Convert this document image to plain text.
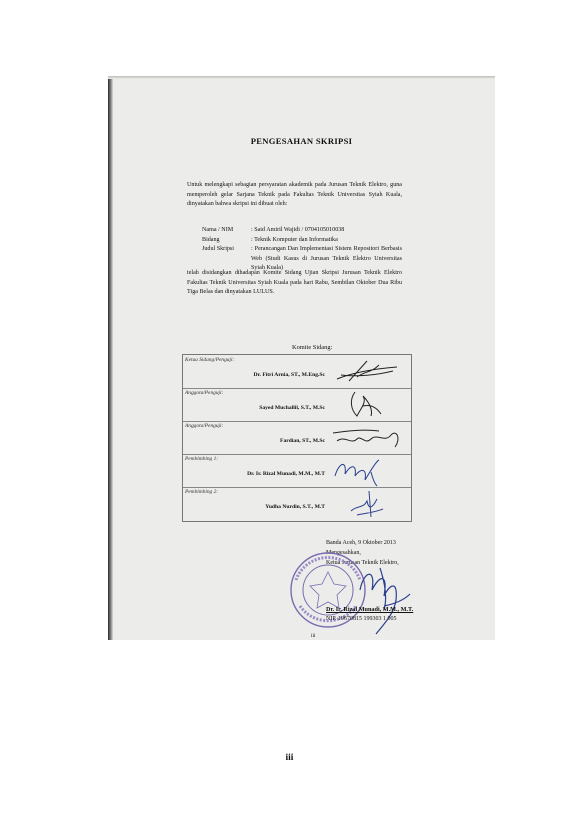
PENGESAHAN SKRIPSI
Untuk melengkapi sebagian persyaratan akademik pada Jurusan Teknik Elektro, guna memperoleh gelar Sarjana Teknik pada Fakultas Teknik Universitas Syiah Kuala, dinyatakan bahwa skripsi ini dibuat oleh:
Nama / NIM	: Said Amiril Wajidi / 0704105010038
Bidang	: Teknik Komputer dan Informatika
Judul Skripsi	: Perancangan Dan Implementasi Sistem Repositori Berbasis Web (Studi Kasus di Jurusan Teknik Elektro Universitas Syiah Kuala)
telah disidangkan dihadapan Komite Sidang Ujian Skripsi Jurusan Teknik Elektro Fakultas Teknik Universitas Syiah Kuala pada hari Rabu, Sembilan Oktober Dua Ribu Tiga Belas dan dinyatakan LULUS.
Komite Sidang:
Ketua Sidang/Penguji:
Dr. Fitri Arnia, ST., M.Eng.Sc
Anggota/Penguji:
Sayed Muchallil, S.T., M.Sc
Anggota/Penguji:
Fardian, ST., M.Sc
Pembimbing 1:
Dr. Ir. Rizal Munadi, M.M., M.T
Pembimbing 2:
Yudha Nurdin, S.T., M.T
Banda Aceh, 9 Oktober 2013
Mengesahkan,
Ketua Jurusan Teknik Elektro,
Dr. Ir. Rizal Munadi, M.M., M.T.
NIP. 19670815 199303 1 005
iii
iii
